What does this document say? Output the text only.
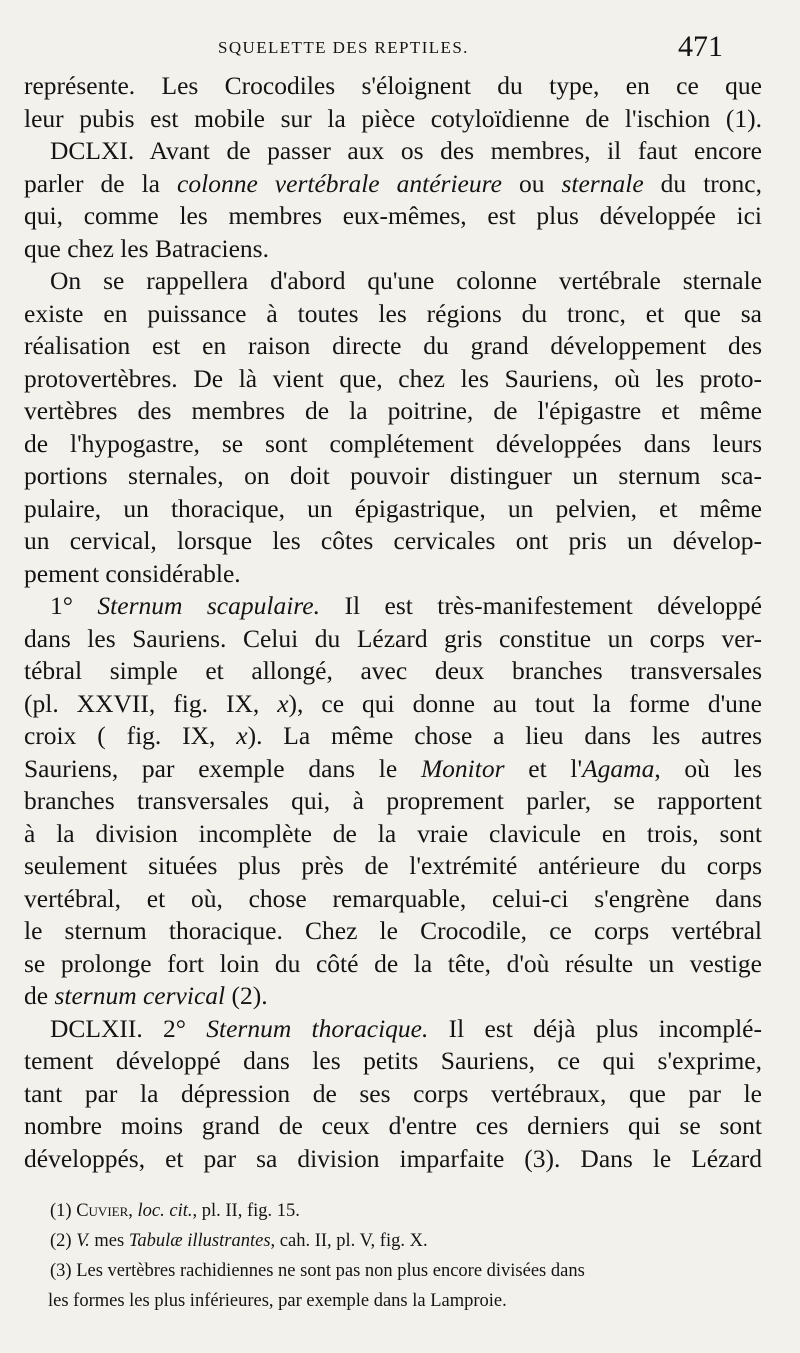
SQUELETTE DES REPTILES.	471
représente. Les Crocodiles s'éloignent du type, en ce que
leur pubis est mobile sur la pièce cotyloïdienne de l'ischion (1).
DCLXI. Avant de passer aux os des membres, il faut encore
parler de la colonne vertébrale antérieure ou sternale du tronc,
qui, comme les membres eux-mêmes, est plus développée ici
que chez les Batraciens.
On se rappellera d'abord qu'une colonne vertébrale sternale
existe en puissance à toutes les régions du tronc, et que sa
réalisation est en raison directe du grand développement des
protovertèbres. De là vient que, chez les Sauriens, où les proto-
vertèbres des membres de la poitrine, de l'épigastre et même
de l'hypogastre, se sont complétement développées dans leurs
portions sternales, on doit pouvoir distinguer un sternum sca-
pulaire, un thoracique, un épigastrique, un pelvien, et même
un cervical, lorsque les côtes cervicales ont pris un dévelop-
pement considérable.
1° Sternum scapulaire. Il est très-manifestement développé
dans les Sauriens. Celui du Lézard gris constitue un corps ver-
tébral simple et allongé, avec deux branches transversales
(pl. XXVII, fig. IX, x), ce qui donne au tout la forme d'une
croix ( fig. IX, x). La même chose a lieu dans les autres
Sauriens, par exemple dans le Monitor et l'Agama, où les
branches transversales qui, à proprement parler, se rapportent
à la division incomplète de la vraie clavicule en trois, sont
seulement situées plus près de l'extrémité antérieure du corps
vertébral, et où, chose remarquable, celui-ci s'engrène dans
le sternum thoracique. Chez le Crocodile, ce corps vertébral
se prolonge fort loin du côté de la tête, d'où résulte un vestige
de sternum cervical (2).
DCLXII. 2° Sternum thoracique. Il est déjà plus incomplé-
tement développé dans les petits Sauriens, ce qui s'exprime,
tant par la dépression de ses corps vertébraux, que par le
nombre moins grand de ceux d'entre ces derniers qui se sont
développés, et par sa division imparfaite (3). Dans le Lézard
(1) Cuvier, loc. cit., pl. II, fig. 15.
(2) V. mes Tabulæ illustrantes, cah. II, pl. V, fig. X.
(3) Les vertèbres rachidiennes ne sont pas non plus encore divisées dans
les formes les plus inférieures, par exemple dans la Lamproie.
